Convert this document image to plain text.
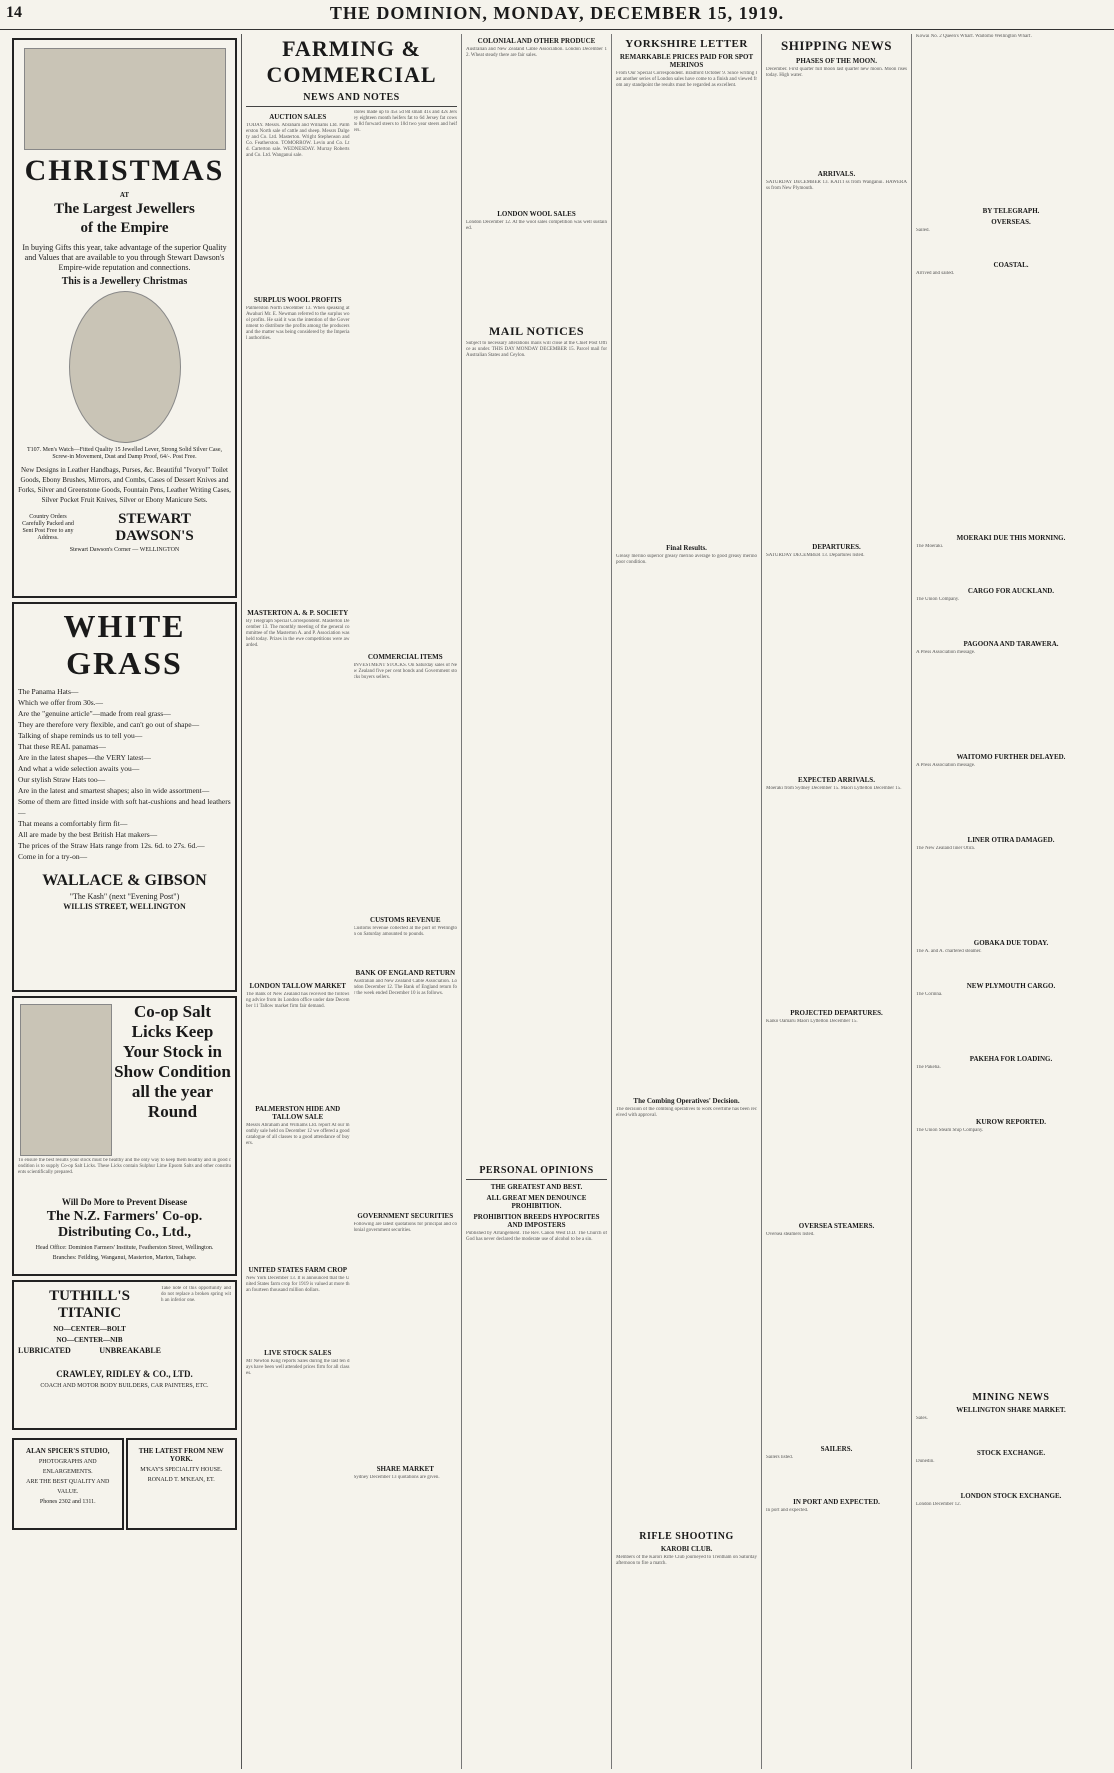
14	THE DOMINION, MONDAY, DECEMBER 15, 1919.
CHRISTMAS
AT
The Largest Jewellers
of the Empire
In buying Gifts this year, take advantage of the superior Quality and Values that are available to you through Stewart Dawson's Empire-wide reputation and connections.
This is a Jewellery Christmas
T107. Men's Watch—Fitted Quality 15 Jewelled Lever, Strong Solid Silver Case, Screw-in Movement, Dust and Damp Proof, 64/-. Post Free.
New Designs in Leather Handbags, Purses, &c. Beautiful "Ivoryol" Toilet Goods, Ebony Brushes, Mirrors, and Combs, Cases of Dessert Knives and Forks, Silver and Greenstone Goods, Fountain Pens, Leather Writing Cases, Silver Pocket Fruit Knives, Silver or Ebony Manicure Sets.
Country Orders Carefully Packed and Sent Post Free to any Address.
STEWART DAWSON'S
Stewart Dawson's Corner — WELLINGTON
WHITE GRASS
The Panama Hats—
Which we offer from 30s.—
Are the "genuine article"—made from real grass—
They are therefore very flexible, and can't go out of shape—
Talking of shape reminds us to tell you—
That these REAL panamas—
Are in the latest shapes—the VERY latest—
And what a wide selection awaits you—
Our stylish Straw Hats too—
Are in the latest and smartest shapes; also in wide assortment—
Some of them are fitted inside with soft hat-cushions and head leathers—
That means a comfortably firm fit—
All are made by the best British Hat makers—
The prices of the Straw Hats range from 12s. 6d. to 27s. 6d.—
Come in for a try-on—
WALLACE & GIBSON
"The Kash" (next "Evening Post")
WILLIS STREET, WELLINGTON
Co-op Salt Licks Keep Your Stock in Show Condition all the year Round
To ensure the best results your stock must be healthy and the only way to keep them healthy and in good condition is to supply Co-op Salt Licks. These Licks contain Sulphur Lime Epsom Salts and other constituents scientifically prepared.
Will Do More to Prevent Disease
The N.Z. Farmers' Co-op. Distributing Co., Ltd.,
Head Office: Dominion Farmers' Institute, Featherston Street, Wellington.
Branches: Feilding, Wanganui, Masterton, Marton, Taihape.
TUTHILL'S TITANIC
NO—CENTER—BOLT
NO—CENTER—NIB
LUBRICATED	UNBREAKABLE
Take note of this opportunity and do not replace a broken spring with an inferior one.
CRAWLEY, RIDLEY & CO., LTD.
COACH AND MOTOR BODY BUILDERS, CAR PAINTERS, ETC.
ALAN SPICER'S STUDIO,
PHOTOGRAPHS AND ENLARGEMENTS.
ARE THE BEST QUALITY AND VALUE.
Phones 2302 and 1311.
THE LATEST FROM NEW YORK.
M'KAY'S SPECIALITY HOUSE.
RONALD T. M'KEAN, ET.
FARMING & COMMERCIAL
NEWS AND NOTES
AUCTION SALES
TODAY. Messrs. Abraham and Williams Ltd. Palmerston North sale of cattle and sheep. Messrs Dalgety and Co. Ltd. Masterton. Wright Stephenson and Co. Featherston. TOMORROW. Levin and Co. Ltd. Carterton sale. WEDNESDAY. Murray Roberts and Co. Ltd. Wanganui sale.
SURPLUS WOOL PROFITS
Palmerston North December 13. When speaking at Awahuri Mr. E. Newman referred to the surplus wool profits. He said it was the intention of the Government to distribute the profits among the producers and the matter was being considered by the Imperial authorities.
MASTERTON A. & P. SOCIETY
By Telegraph Special Correspondent. Masterton December 13. The monthly meeting of the general committee of the Masterton A. and P. Association was held today. Prizes in the ewe competitions were awarded.
LONDON TALLOW MARKET
The Bank of New Zealand has received the following advice from its London office under date December 11 Tallow market firm fair demand.
PALMERSTON HIDE AND TALLOW SALE
Messrs Abraham and Williams Ltd. report At our monthly sale held on December 12 we offered a good catalogue of all classes to a good attendance of buyers.
UNITED STATES FARM CROP
New York December 13. It is announced that the United States farm crop for 1919 is valued at more than fourteen thousand million dollars.
LIVE STOCK SALES
Mr Newton King reports Sales during the last ten days have been well attended prices firm for all classes.
stores made up to 45s 5d 8d small 41s and 42s Jersey eighteen month heifers fat to 6d Jersey fat cows to 8d forward steers to 10d two year steers and heifers.
COMMERCIAL ITEMS
INVESTMENT STOCKS. On Saturday sales of New Zealand five per cent bonds and Government stocks buyers sellers.
CUSTOMS REVENUE
Customs revenue collected at the port of Wellington on Saturday amounted to pounds.
BANK OF ENGLAND RETURN
Australian and New Zealand Cable Association. London December 12. The Bank of England return for the week ended December 10 is as follows.
GOVERNMENT SECURITIES
Following are latest quotations for principal and colonial government securities.
SHARE MARKET
Sydney December 13 quotations are given.
COLONIAL AND OTHER PRODUCE
Australian and New Zealand Cable Association. London December 12. Wheat steady there are fair sales.
LONDON WOOL SALES
London December 12. At the wool sales competition was well sustained.
MAIL NOTICES
Subject to necessary alterations mails will close at the Chief Post Office as under. THIS DAY MONDAY DECEMBER 15. Parcel mail for Australian States and Ceylon.
PERSONAL OPINIONS
THE GREATEST AND BEST.
ALL GREAT MEN DENOUNCE PROHIBITION.
PROHIBITION BREEDS HYPOCRITES AND IMPOSTERS
Published by Arrangement. The Rev. Canon West D.D. The Church of God has never declared the moderate use of alcohol to be a sin.
YORKSHIRE LETTER
REMARKABLE PRICES PAID FOR SPOT MERINOS
From Our Special Correspondent. Bradford October 9. Since writing last another series of London sales have come to a finish and viewed from any standpoint the results must be regarded as excellent.
Final Results.
Greasy merino superior greasy merino average to good greasy merino poor condition.
The Combing Operatives' Decision.
The decision of the combing operatives to work overtime has been received with approval.
RIFLE SHOOTING
KAROBI CLUB.
Members of the Karori Rifle Club journeyed to Trentham on Saturday afternoon to fire a match.
SHIPPING NEWS
PHASES OF THE MOON.
December. First quarter full moon last quarter new moon. Moon rises today. High water.
ARRIVALS.
SATURDAY DECEMBER 13. KAITI ss from Wanganui. HAWERA ss from New Plymouth.
DEPARTURES.
SATURDAY DECEMBER 13. Departures listed.
EXPECTED ARRIVALS.
Moeraki from Sydney December 15. Maori Lyttelton December 15.
PROJECTED DEPARTURES.
Kaiko Oamaru Maori Lyttelton December 15.
OVERSEA STEAMERS.
Oversea steamers listed.
SAILERS.
Sailers listed.
IN PORT AND EXPECTED.
In port and expected.
Kowai No. 2 Queen's Wharf. Waitomo Wellington Wharf.
BY TELEGRAPH.
OVERSEAS.
Sailed.
COASTAL.
Arrived and sailed.
MOERAKI DUE THIS MORNING.
The Moeraki.
CARGO FOR AUCKLAND.
The Union Company.
PAGOONA AND TARAWERA.
A Press Association message.
WAITOMO FURTHER DELAYED.
A Press Association message.
LINER OTIRA DAMAGED.
The New Zealand liner Otira.
GOBAKA DUE TODAY.
The A. and A. chartered steamer.
NEW PLYMOUTH CARGO.
The Corinna.
PAKEHA FOR LOADING.
The Pakeha.
KUROW REPORTED.
The Union Steam Ship Company.
MINING NEWS
WELLINGTON SHARE MARKET.
Sales.
STOCK EXCHANGE.
Dunedin.
LONDON STOCK EXCHANGE.
London December 12.
